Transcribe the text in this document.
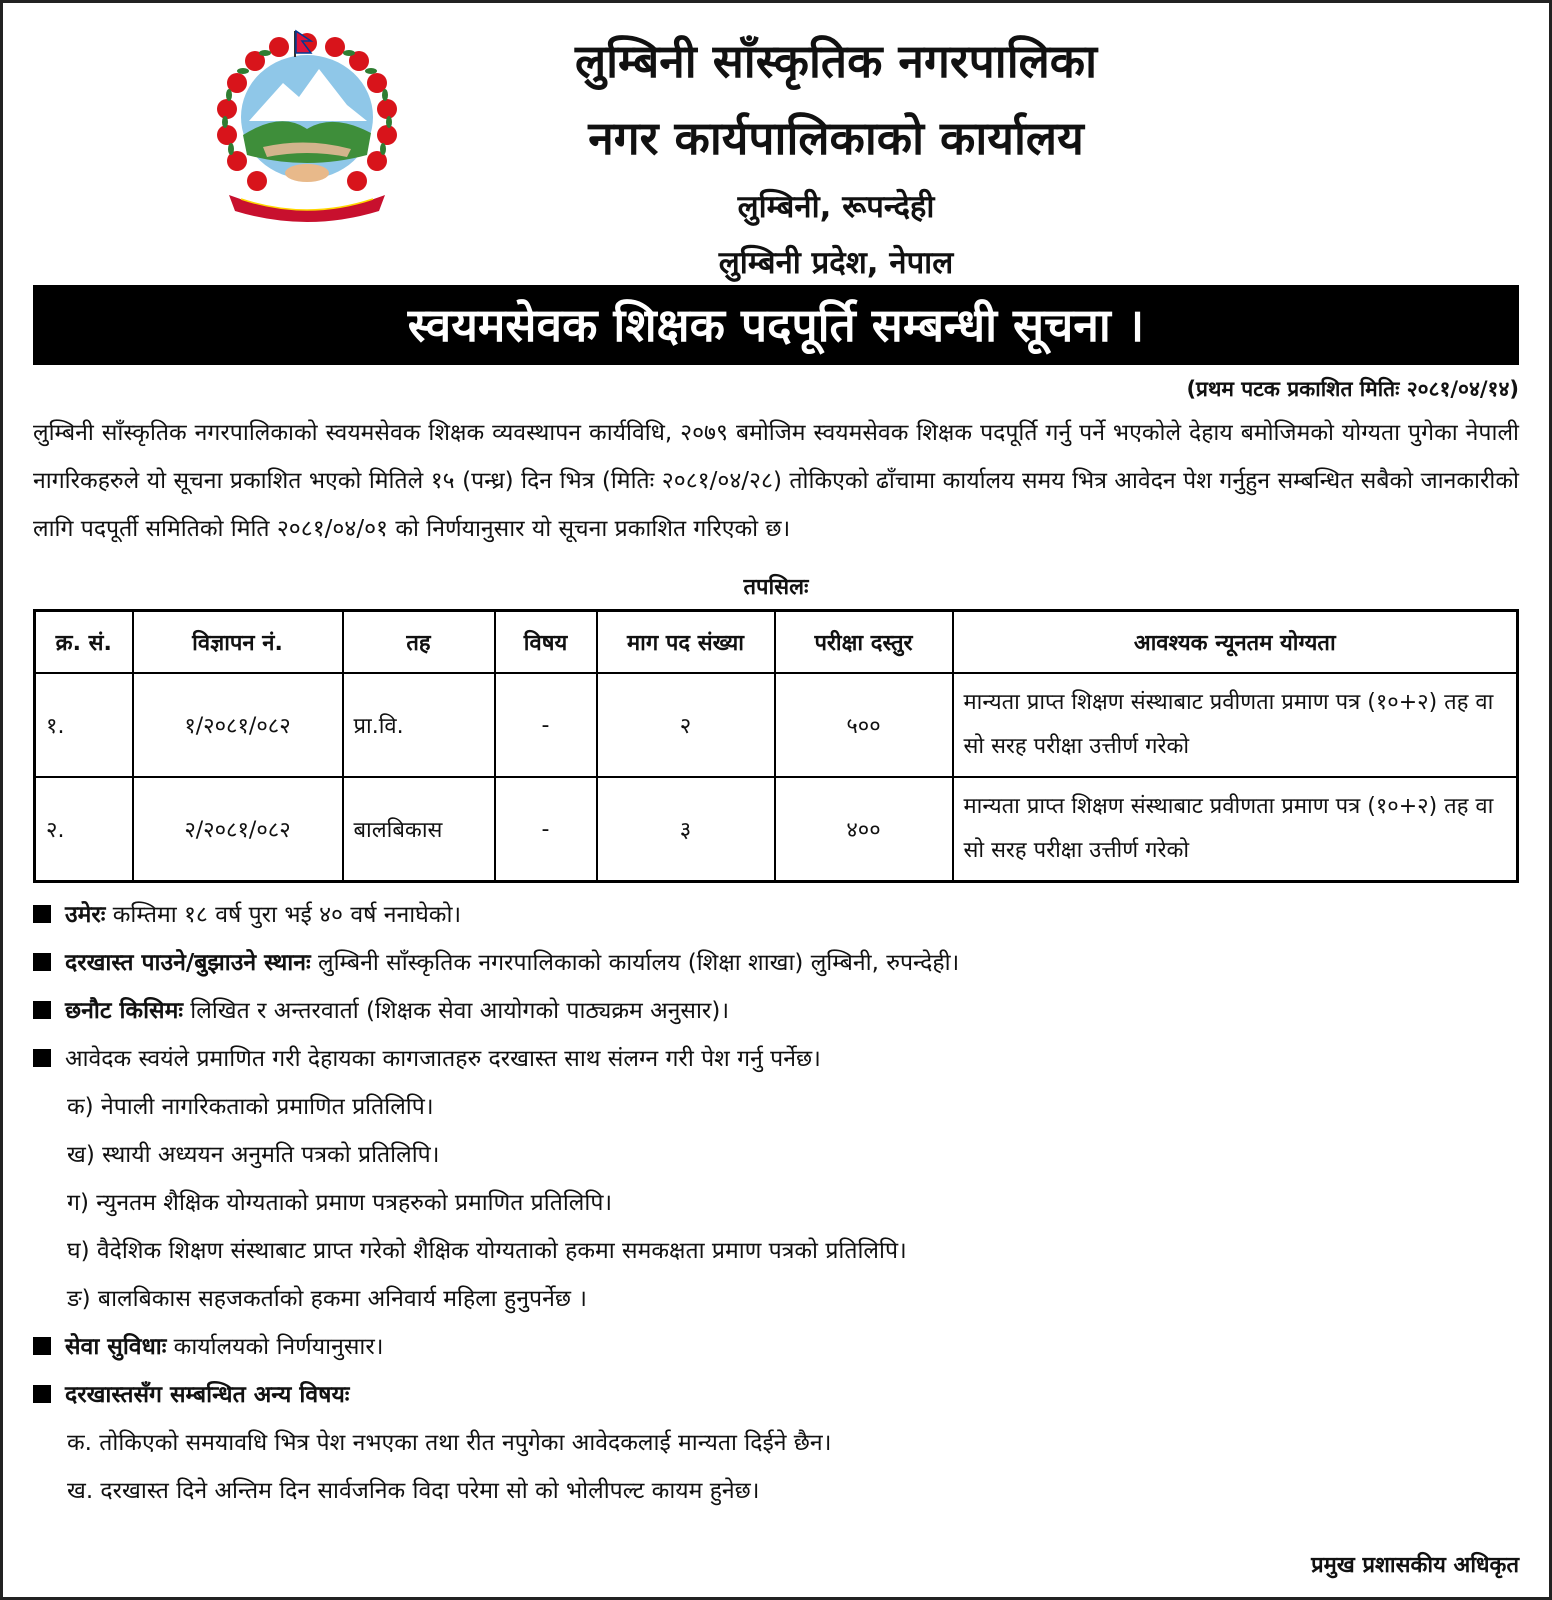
लुम्बिनी साँस्कृतिक नगरपालिका

नगर कार्यपालिकाको कार्यालय

लुम्बिनी, रूपन्देही

लुम्बिनी प्रदेश, नेपाल

स्वयमसेवक शिक्षक पदपूर्ति सम्बन्धी सूचना ।

(प्रथम पटक प्रकाशित मितिः २०८१/०४/१४)

लुम्बिनी साँस्कृतिक नगरपालिकाको स्वयमसेवक शिक्षक व्यवस्थापन कार्यविधि, २०७९ बमोजिम स्वयमसेवक शिक्षक पदपूर्ति गर्नु पर्ने भएकोले देहाय बमोजिमको योग्यता पुगेका नेपाली नागरिकहरुले यो सूचना प्रकाशित भएको मितिले १५ (पन्ध्र) दिन भित्र (मितिः २०८१/०४/२८) तोकिएको ढाँचामा कार्यालय समय भित्र आवेदन पेश गर्नुहुन सम्बन्धित सबैको जानकारीको लागि पदपूर्ती समितिको मिति २०८१/०४/०१ को निर्णयानुसार यो सूचना प्रकाशित गरिएको छ।

तपसिलः

क्र. सं.	विज्ञापन नं.	तह	विषय	माग पद संख्या	परीक्षा दस्तुर	आवश्यक न्यूनतम योग्यता
१.	१/२०८१/०८२	प्रा.वि.	-	२	५००	मान्यता प्राप्त शिक्षण संस्थाबाट प्रवीणता प्रमाण पत्र (१०+२) तह वा सो सरह परीक्षा उत्तीर्ण गरेको
२.	२/२०८१/०८२	बालबिकास	-	३	४००	मान्यता प्राप्त शिक्षण संस्थाबाट प्रवीणता प्रमाण पत्र (१०+२) तह वा सो सरह परीक्षा उत्तीर्ण गरेको
उमेरः कम्तिमा १८ वर्ष पुरा भई ४० वर्ष ननाघेको।
दरखास्त पाउने/बुझाउने स्थानः लुम्बिनी साँस्कृतिक नगरपालिकाको कार्यालय (शिक्षा शाखा) लुम्बिनी, रुपन्देही।
छनौट किसिमः लिखित र अन्तरवार्ता (शिक्षक सेवा आयोगको पाठ्यक्रम अनुसार)।
आवेदक स्वयंले प्रमाणित गरी देहायका कागजातहरु दरखास्त साथ संलग्न गरी पेश गर्नु पर्नेछ।
क) नेपाली नागरिकताको प्रमाणित प्रतिलिपि।
ख) स्थायी अध्ययन अनुमति पत्रको प्रतिलिपि।
ग) न्युनतम शैक्षिक योग्यताको प्रमाण पत्रहरुको प्रमाणित प्रतिलिपि।
घ) वैदेशिक शिक्षण संस्थाबाट प्राप्त गरेको शैक्षिक योग्यताको हकमा समकक्षता प्रमाण पत्रको प्रतिलिपि।
ङ) बालबिकास सहजकर्ताको हकमा अनिवार्य महिला हुनुपर्नेछ ।
सेवा सुविधाः कार्यालयको निर्णयानुसार।
दरखास्तसँग सम्बन्धित अन्य विषयः
क. तोकिएको समयावधि भित्र पेश नभएका तथा रीत नपुगेका आवेदकलाई मान्यता दिईने छैन।
ख. दरखास्त दिने अन्तिम दिन सार्वजनिक विदा परेमा सो को भोलीपल्ट कायम हुनेछ।
प्रमुख प्रशासकीय अधिकृत
